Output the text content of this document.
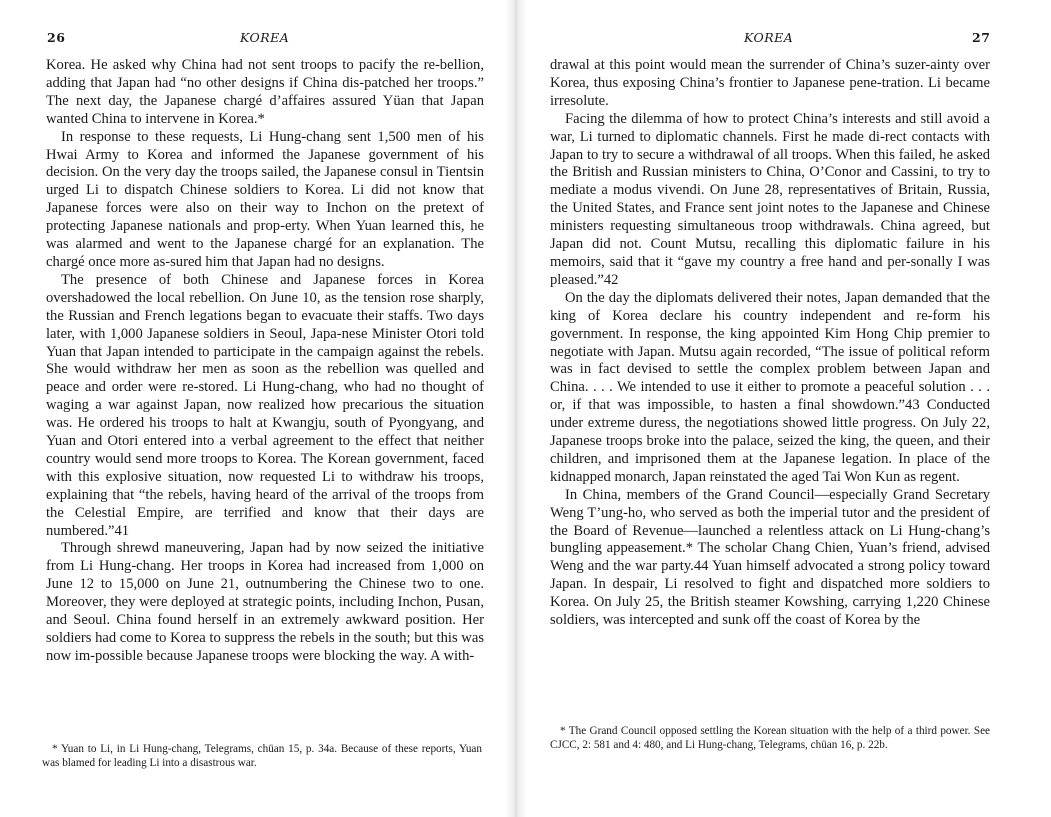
26	KOREA

Korea. He asked why China had not sent troops to pacify the re-bellion, adding that Japan had “no other designs if China dis-patched her troops.” The next day, the Japanese chargé d’affaires assured Yüan that Japan wanted China to intervene in Korea.*

In response to these requests, Li Hung-chang sent 1,500 men of his Hwai Army to Korea and informed the Japanese government of his decision. On the very day the troops sailed, the Japanese consul in Tientsin urged Li to dispatch Chinese soldiers to Korea. Li did not know that Japanese forces were also on their way to Inchon on the pretext of protecting Japanese nationals and prop-erty. When Yuan learned this, he was alarmed and went to the Japanese chargé for an explanation. The chargé once more as-sured him that Japan had no designs.

The presence of both Chinese and Japanese forces in Korea overshadowed the local rebellion. On June 10, as the tension rose sharply, the Russian and French legations began to evacuate their staffs. Two days later, with 1,000 Japanese soldiers in Seoul, Japa-nese Minister Otori told Yuan that Japan intended to participate in the campaign against the rebels. She would withdraw her men as soon as the rebellion was quelled and peace and order were re-stored. Li Hung-chang, who had no thought of waging a war against Japan, now realized how precarious the situation was. He ordered his troops to halt at Kwangju, south of Pyongyang, and Yuan and Otori entered into a verbal agreement to the effect that neither country would send more troops to Korea. The Korean government, faced with this explosive situation, now requested Li to withdraw his troops, explaining that “the rebels, having heard of the arrival of the troops from the Celestial Empire, are terrified and know that their days are numbered.”41

Through shrewd maneuvering, Japan had by now seized the initiative from Li Hung-chang. Her troops in Korea had increased from 1,000 on June 12 to 15,000 on June 21, outnumbering the Chinese two to one. Moreover, they were deployed at strategic points, including Inchon, Pusan, and Seoul. China found herself in an extremely awkward position. Her soldiers had come to Korea to suppress the rebels in the south; but this was now im-possible because Japanese troops were blocking the way. A with-

* Yuan to Li, in Li Hung-chang, Telegrams, chüan 15, p. 34a. Because of these reports, Yuan was blamed for leading Li into a disastrous war.

KOREA	27

drawal at this point would mean the surrender of China’s suzer-ainty over Korea, thus exposing China’s frontier to Japanese pene-tration. Li became irresolute.

Facing the dilemma of how to protect China’s interests and still avoid a war, Li turned to diplomatic channels. First he made di-rect contacts with Japan to try to secure a withdrawal of all troops. When this failed, he asked the British and Russian ministers to China, O’Conor and Cassini, to try to mediate a modus vivendi. On June 28, representatives of Britain, Russia, the United States, and France sent joint notes to the Japanese and Chinese ministers requesting simultaneous troop withdrawals. China agreed, but Japan did not. Count Mutsu, recalling this diplomatic failure in his memoirs, said that it “gave my country a free hand and per-sonally I was pleased.”42

On the day the diplomats delivered their notes, Japan demanded that the king of Korea declare his country independent and re-form his government. In response, the king appointed Kim Hong Chip premier to negotiate with Japan. Mutsu again recorded, “The issue of political reform was in fact devised to settle the complex problem between Japan and China. . . . We intended to use it either to promote a peaceful solution . . . or, if that was impossible, to hasten a final showdown.”43 Conducted under extreme duress, the negotiations showed little progress. On July 22, Japanese troops broke into the palace, seized the king, the queen, and their children, and imprisoned them at the Japanese legation. In place of the kidnapped monarch, Japan reinstated the aged Tai Won Kun as regent.

In China, members of the Grand Council—especially Grand Secretary Weng T’ung-ho, who served as both the imperial tutor and the president of the Board of Revenue—launched a relentless attack on Li Hung-chang’s bungling appeasement.* The scholar Chang Chien, Yuan’s friend, advised Weng and the war party.44 Yuan himself advocated a strong policy toward Japan. In despair, Li resolved to fight and dispatched more soldiers to Korea. On July 25, the British steamer Kowshing, carrying 1,220 Chinese soldiers, was intercepted and sunk off the coast of Korea by the

* The Grand Council opposed settling the Korean situation with the help of a third power. See CJCC, 2: 581 and 4: 480, and Li Hung-chang, Telegrams, chüan 16, p. 22b.
